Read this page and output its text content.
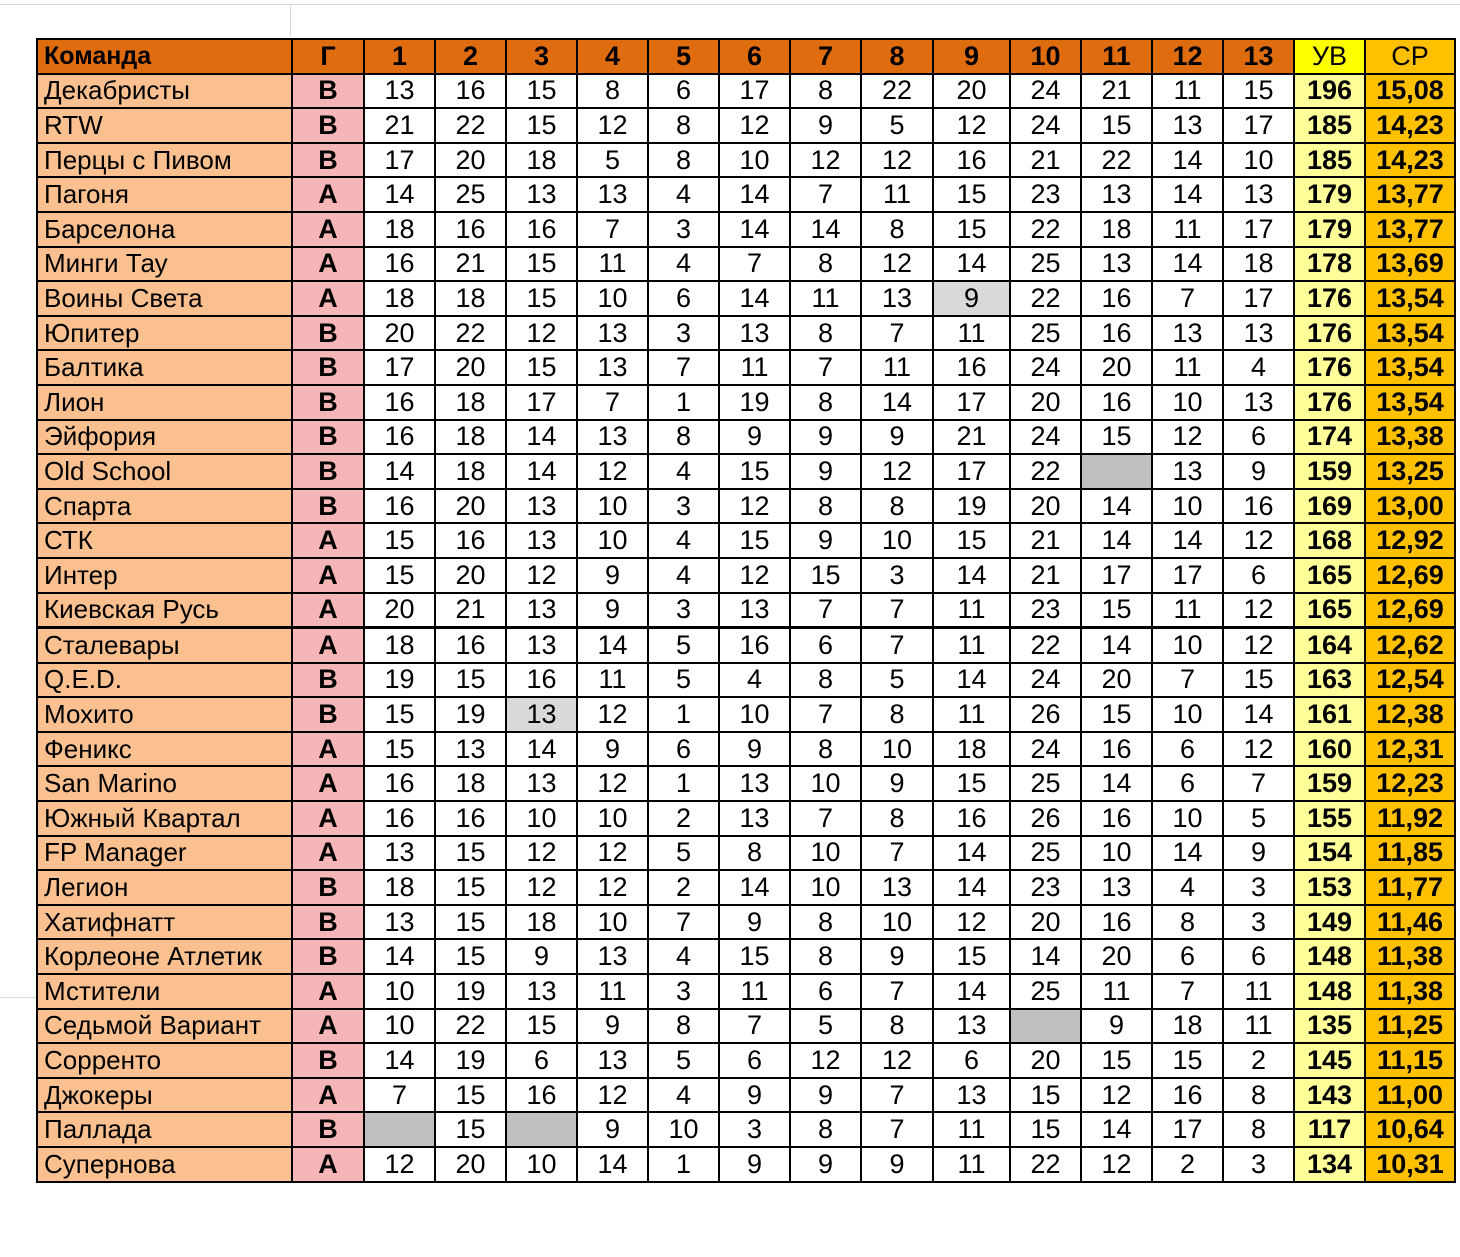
Команда	Г	1	2	3	4	5	6	7	8	9	10	11	12	13	УВ	СР
Декабристы	В	13	16	15	8	6	17	8	22	20	24	21	11	15	196	15,08
RTW	В	21	22	15	12	8	12	9	5	12	24	15	13	17	185	14,23
Перцы с Пивом	В	17	20	18	5	8	10	12	12	16	21	22	14	10	185	14,23
Пагоня	А	14	25	13	13	4	14	7	11	15	23	13	14	13	179	13,77
Барселона	А	18	16	16	7	3	14	14	8	15	22	18	11	17	179	13,77
Минги Тау	А	16	21	15	11	4	7	8	12	14	25	13	14	18	178	13,69
Воины Света	А	18	18	15	10	6	14	11	13	9	22	16	7	17	176	13,54
Юпитер	В	20	22	12	13	3	13	8	7	11	25	16	13	13	176	13,54
Балтика	В	17	20	15	13	7	11	7	11	16	24	20	11	4	176	13,54
Лион	В	16	18	17	7	1	19	8	14	17	20	16	10	13	176	13,54
Эйфория	В	16	18	14	13	8	9	9	9	21	24	15	12	6	174	13,38
Old School	В	14	18	14	12	4	15	9	12	17	22		13	9	159	13,25
Спарта	В	16	20	13	10	3	12	8	8	19	20	14	10	16	169	13,00
СТК	А	15	16	13	10	4	15	9	10	15	21	14	14	12	168	12,92
Интер	А	15	20	12	9	4	12	15	3	14	21	17	17	6	165	12,69
Киевская Русь	А	20	21	13	9	3	13	7	7	11	23	15	11	12	165	12,69
Сталевары	А	18	16	13	14	5	16	6	7	11	22	14	10	12	164	12,62
Q.E.D.	В	19	15	16	11	5	4	8	5	14	24	20	7	15	163	12,54
Мохито	В	15	19	13	12	1	10	7	8	11	26	15	10	14	161	12,38
Феникс	А	15	13	14	9	6	9	8	10	18	24	16	6	12	160	12,31
San Marino	А	16	18	13	12	1	13	10	9	15	25	14	6	7	159	12,23
Южный Квартал	А	16	16	10	10	2	13	7	8	16	26	16	10	5	155	11,92
FP Manager	А	13	15	12	12	5	8	10	7	14	25	10	14	9	154	11,85
Легион	В	18	15	12	12	2	14	10	13	14	23	13	4	3	153	11,77
Хатифнатт	В	13	15	18	10	7	9	8	10	12	20	16	8	3	149	11,46
Корлеоне Атлетик	В	14	15	9	13	4	15	8	9	15	14	20	6	6	148	11,38
Мстители	А	10	19	13	11	3	11	6	7	14	25	11	7	11	148	11,38
Седьмой Вариант	А	10	22	15	9	8	7	5	8	13		9	18	11	135	11,25
Сорренто	В	14	19	6	13	5	6	12	12	6	20	15	15	2	145	11,15
Джокеры	А	7	15	16	12	4	9	9	7	13	15	12	16	8	143	11,00
Паллада	В		15		9	10	3	8	7	11	15	14	17	8	117	10,64
Супернова	А	12	20	10	14	1	9	9	9	11	22	12	2	3	134	10,31
